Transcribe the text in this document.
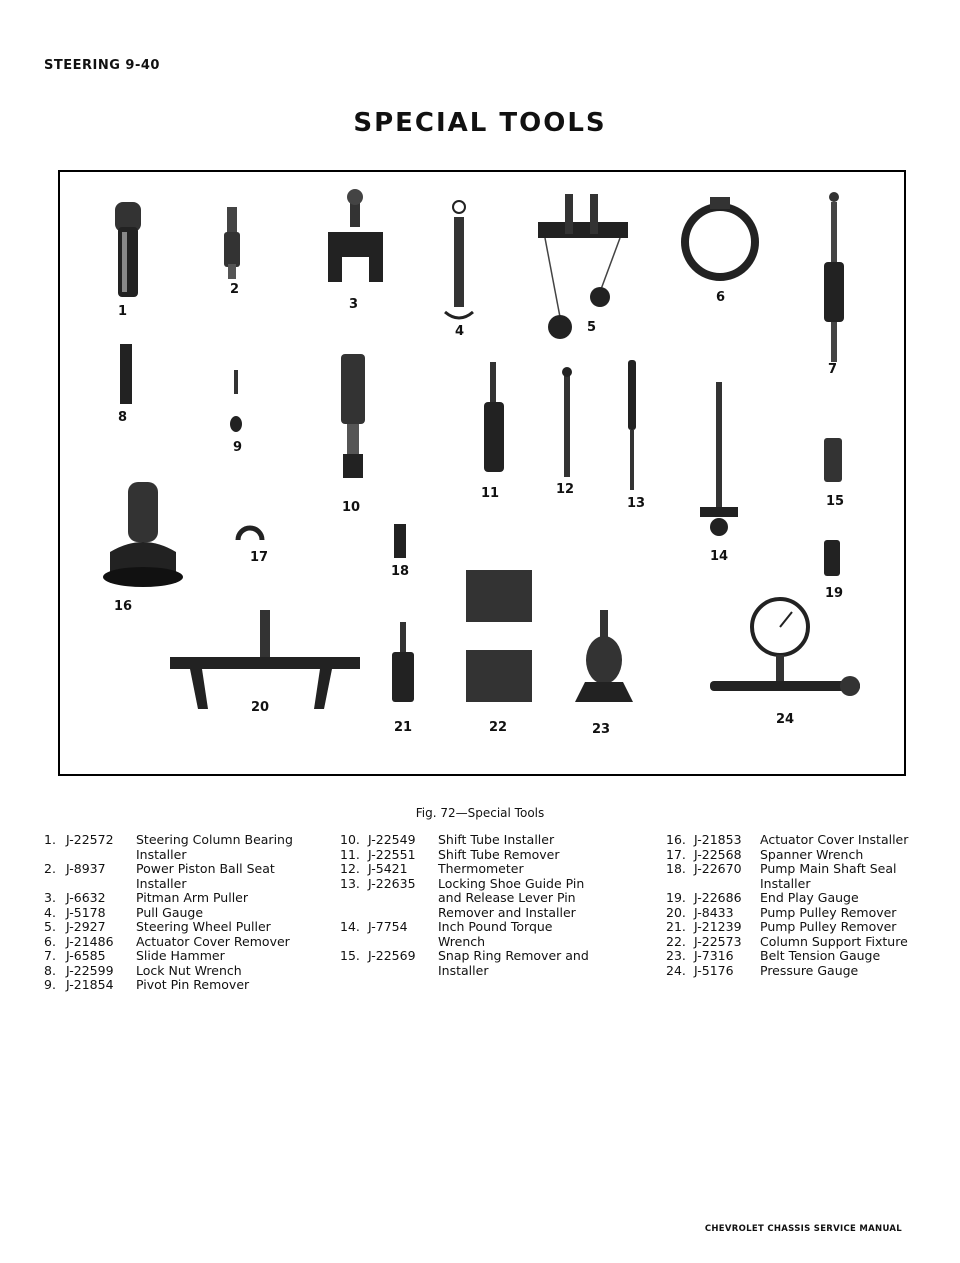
STEERING 9-40
SPECIAL TOOLS
1
2
3
4	5
6
7
8
9
10
11	12
13
14
15
16
17
18
19
20
21	22	23
24
Fig. 72—Special Tools
1. J-22572	Steering Column Bearing
Installer
2. J-8937	Power Piston Ball Seat
Installer
3. J-6632	Pitman Arm Puller
4. J-5178	Pull Gauge
5. J-2927	Steering Wheel Puller
6. J-21486	Actuator Cover Remover
7. J-6585	Slide Hammer
8. J-22599	Lock Nut Wrench
9. J-21854	Pivot Pin Remover
10. J-22549	Shift Tube Installer
11. J-22551	Shift Tube Remover
12. J-5421	Thermometer
13. J-22635	Locking Shoe Guide Pin
and Release Lever Pin
Remover and Installer
14. J-7754	Inch Pound Torque
Wrench
15. J-22569	Snap Ring Remover and
Installer
16. J-21853	Actuator Cover Installer
17. J-22568	Spanner Wrench
18. J-22670	Pump Main Shaft Seal
Installer
19. J-22686	End Play Gauge
20. J-8433	Pump Pulley Remover
21. J-21239	Pump Pulley Remover
22. J-22573	Column Support Fixture
23. J-7316	Belt Tension Gauge
24. J-5176	Pressure Gauge
CHEVROLET CHASSIS SERVICE MANUAL
